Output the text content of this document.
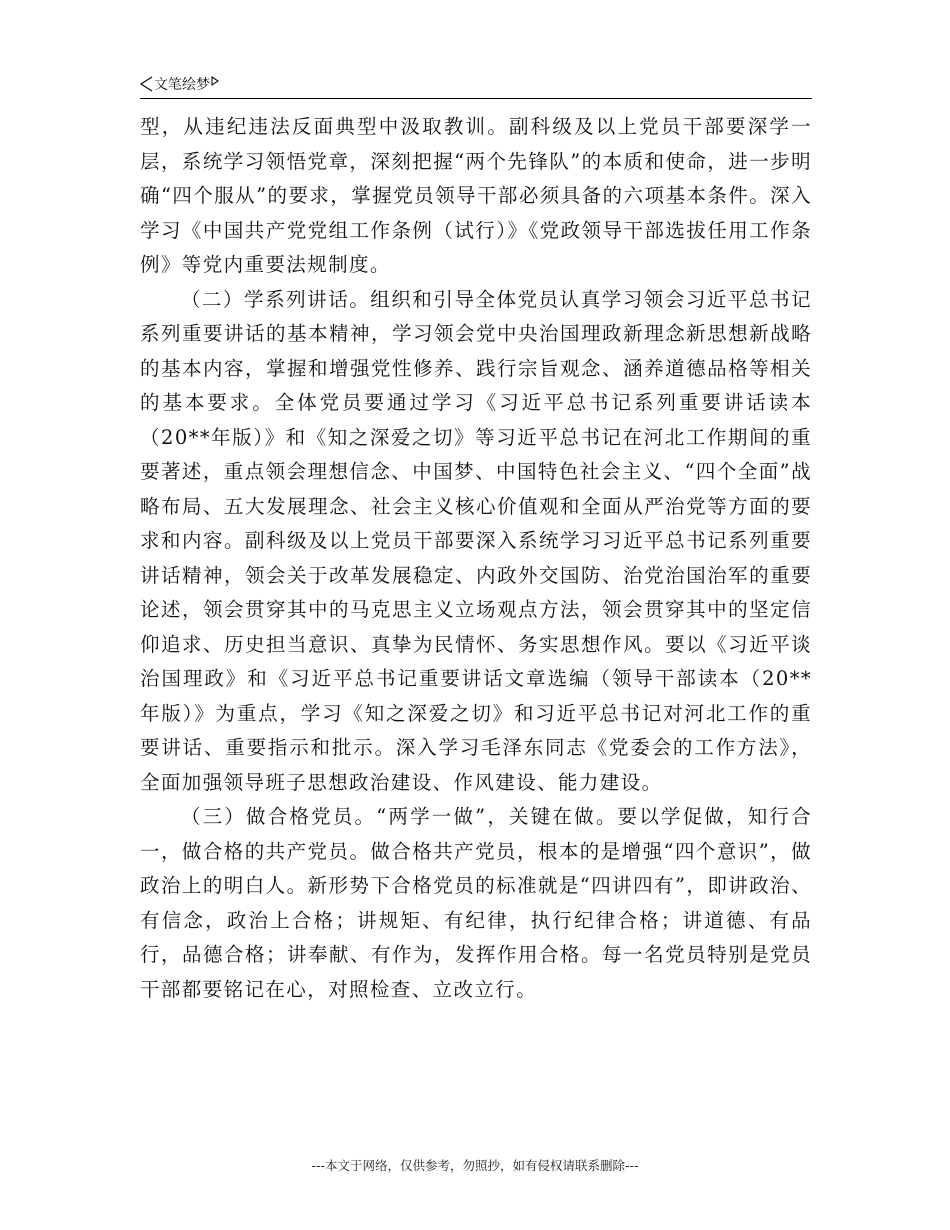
文笔绘梦

型，从违纪违法反面典型中汲取教训。副科级及以上党员干部要深学一层，系统学习领悟党章，深刻把握“两个先锋队”的本质和使命，进一步明确“四个服从”的要求，掌握党员领导干部必须具备的六项基本条件。深入学习《中国共产党党组工作条例（试行）》《党政领导干部选拔任用工作条例》等党内重要法规制度。

（二）学系列讲话。组织和引导全体党员认真学习领会习近平总书记系列重要讲话的基本精神，学习领会党中央治国理政新理念新思想新战略的基本内容，掌握和增强党性修养、践行宗旨观念、涵养道德品格等相关的基本要求。全体党员要通过学习《习近平总书记系列重要讲话读本（20**年版）》和《知之深爱之切》等习近平总书记在河北工作期间的重要著述，重点领会理想信念、中国梦、中国特色社会主义、“四个全面”战略布局、五大发展理念、社会主义核心价值观和全面从严治党等方面的要求和内容。副科级及以上党员干部要深入系统学习习近平总书记系列重要讲话精神，领会关于改革发展稳定、内政外交国防、治党治国治军的重要论述，领会贯穿其中的马克思主义立场观点方法，领会贯穿其中的坚定信仰追求、历史担当意识、真挚为民情怀、务实思想作风。要以《习近平谈治国理政》和《习近平总书记重要讲话文章选编（领导干部读本（20**年版）》为重点，学习《知之深爱之切》和习近平总书记对河北工作的重要讲话、重要指示和批示。深入学习毛泽东同志《党委会的工作方法》，全面加强领导班子思想政治建设、作风建设、能力建设。

（三）做合格党员。“两学一做”，关键在做。要以学促做，知行合一，做合格的共产党员。做合格共产党员，根本的是增强“四个意识”，做政治上的明白人。新形势下合格党员的标准就是“四讲四有”，即讲政治、有信念，政治上合格；讲规矩、有纪律，执行纪律合格；讲道德、有品行，品德合格；讲奉献、有作为，发挥作用合格。每一名党员特别是党员干部都要铭记在心，对照检查、立改立行。

---本文于网络，仅供参考，勿照抄，如有侵权请联系删除---
